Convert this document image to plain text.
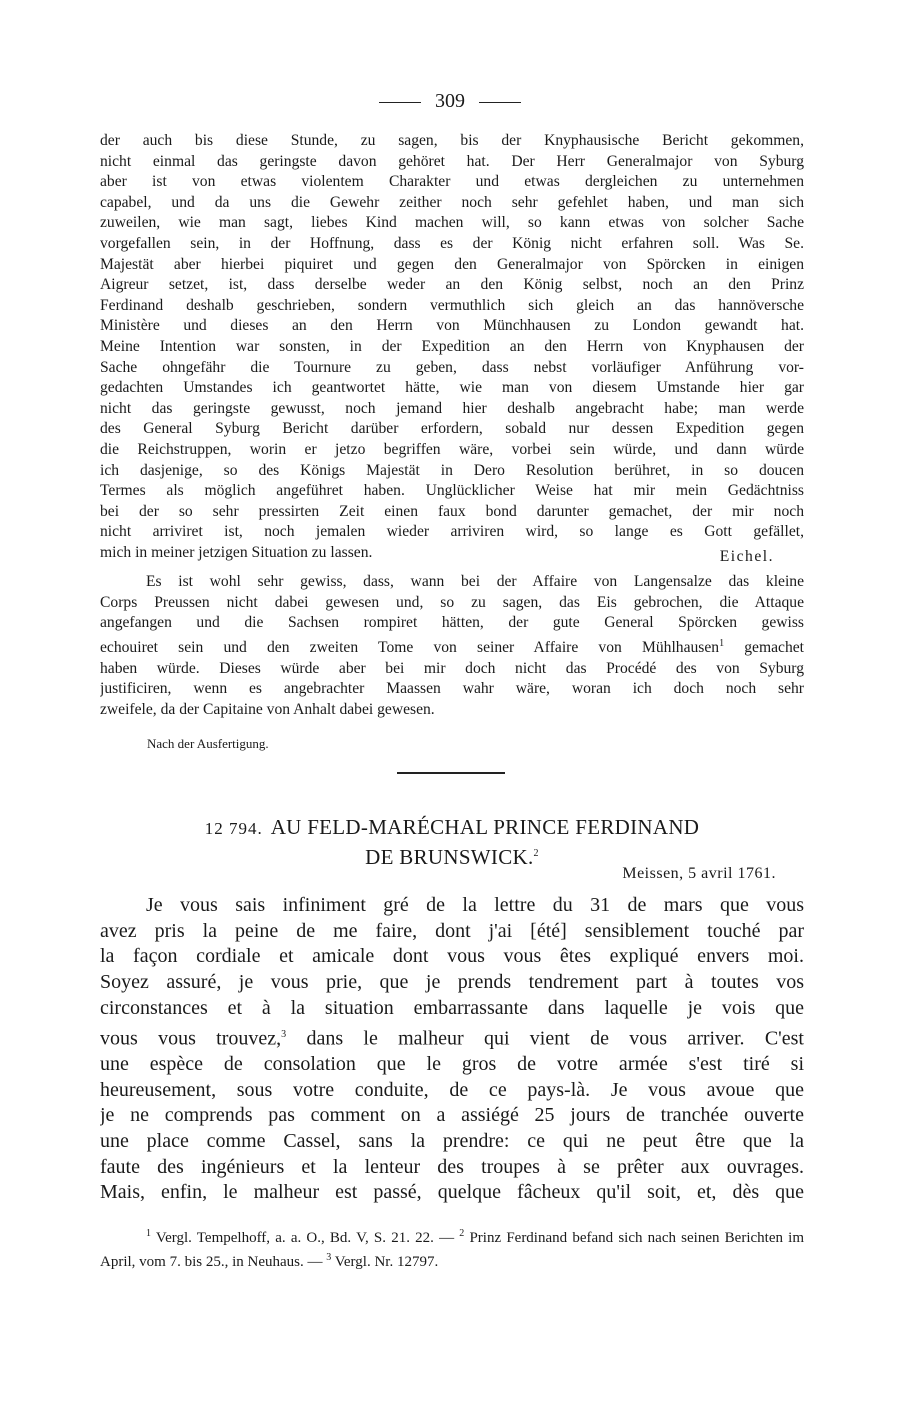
309
der auch bis diese Stunde, zu sagen, bis der Knyphausische Bericht gekommen,
nicht einmal das geringste davon gehöret hat. Der Herr Generalmajor von Syburg
aber ist von etwas violentem Charakter und etwas dergleichen zu unternehmen
capabel, und da uns die Gewehr zeither noch sehr gefehlet haben, und man sich
zuweilen, wie man sagt, liebes Kind machen will, so kann etwas von solcher Sache
vorgefallen sein, in der Hoffnung, dass es der König nicht erfahren soll. Was Se.
Majestät aber hierbei piquiret und gegen den Generalmajor von Spörcken in einigen
Aigreur setzet, ist, dass derselbe weder an den König selbst, noch an den Prinz
Ferdinand deshalb geschrieben, sondern vermuthlich sich gleich an das hannöversche
Ministère und dieses an den Herrn von Münchhausen zu London gewandt hat.
Meine Intention war sonsten, in der Expedition an den Herrn von Knyphausen der
Sache ohngefähr die Tournure zu geben, dass nebst vorläufiger Anführung vor-
gedachten Umstandes ich geantwortet hätte, wie man von diesem Umstande hier gar
nicht das geringste gewusst, noch jemand hier deshalb angebracht habe; man werde
des General Syburg Bericht darüber erfordern, sobald nur dessen Expedition gegen
die Reichstruppen, worin er jetzo begriffen wäre, vorbei sein würde, und dann würde
ich dasjenige, so des Königs Majestät in Dero Resolution berühret, in so doucen
Termes als möglich angeführet haben. Unglücklicher Weise hat mir mein Gedächtniss
bei der so sehr pressirten Zeit einen faux bond darunter gemachet, der mir noch
nicht arriviret ist, noch jemalen wieder arriviren wird, so lange es Gott gefället,
mich in meiner jetzigen Situation zu lassen.	Eichel.
Es ist wohl sehr gewiss, dass, wann bei der Affaire von Langensalze das kleine
Corps Preussen nicht dabei gewesen und, so zu sagen, das Eis gebrochen, die Attaque
angefangen und die Sachsen rompiret hätten, der gute General Spörcken gewiss
echouiret sein und den zweiten Tome von seiner Affaire von Mühlhausen$^1$ gemachet
haben würde. Dieses würde aber bei mir doch nicht das Procédé des von Syburg
justificiren, wenn es angebrachter Maassen wahr wäre, woran ich doch noch sehr
zweifele, da der Capitaine von Anhalt dabei gewesen.
Nach der Ausfertigung.
12 794. AU FELD-MARÉCHAL PRINCE FERDINAND
DE BRUNSWICK.$^2$
Meissen, 5 avril 1761.
Je vous sais infiniment gré de la lettre du 31 de mars que vous
avez pris la peine de me faire, dont j'ai [été] sensiblement touché par
la façon cordiale et amicale dont vous vous êtes expliqué envers moi.
Soyez assuré, je vous prie, que je prends tendrement part à toutes vos
circonstances et à la situation embarrassante dans laquelle je vois que
vous vous trouvez,$^3$ dans le malheur qui vient de vous arriver. C'est
une espèce de consolation que le gros de votre armée s'est tiré si
heureusement, sous votre conduite, de ce pays-là. Je vous avoue que
je ne comprends pas comment on a assiégé 25 jours de tranchée ouverte
une place comme Cassel, sans la prendre: ce qui ne peut être que la
faute des ingénieurs et la lenteur des troupes à se prêter aux ouvrages.
Mais, enfin, le malheur est passé, quelque fâcheux qu'il soit, et, dès que

$^1$ Vergl. Tempelhoff, a. a. O., Bd. V, S. 21. 22. — $^2$ Prinz Ferdinand befand sich nach seinen Berichten im April, vom 7. bis 25., in Neuhaus. — $^3$ Vergl. Nr. 12797.
